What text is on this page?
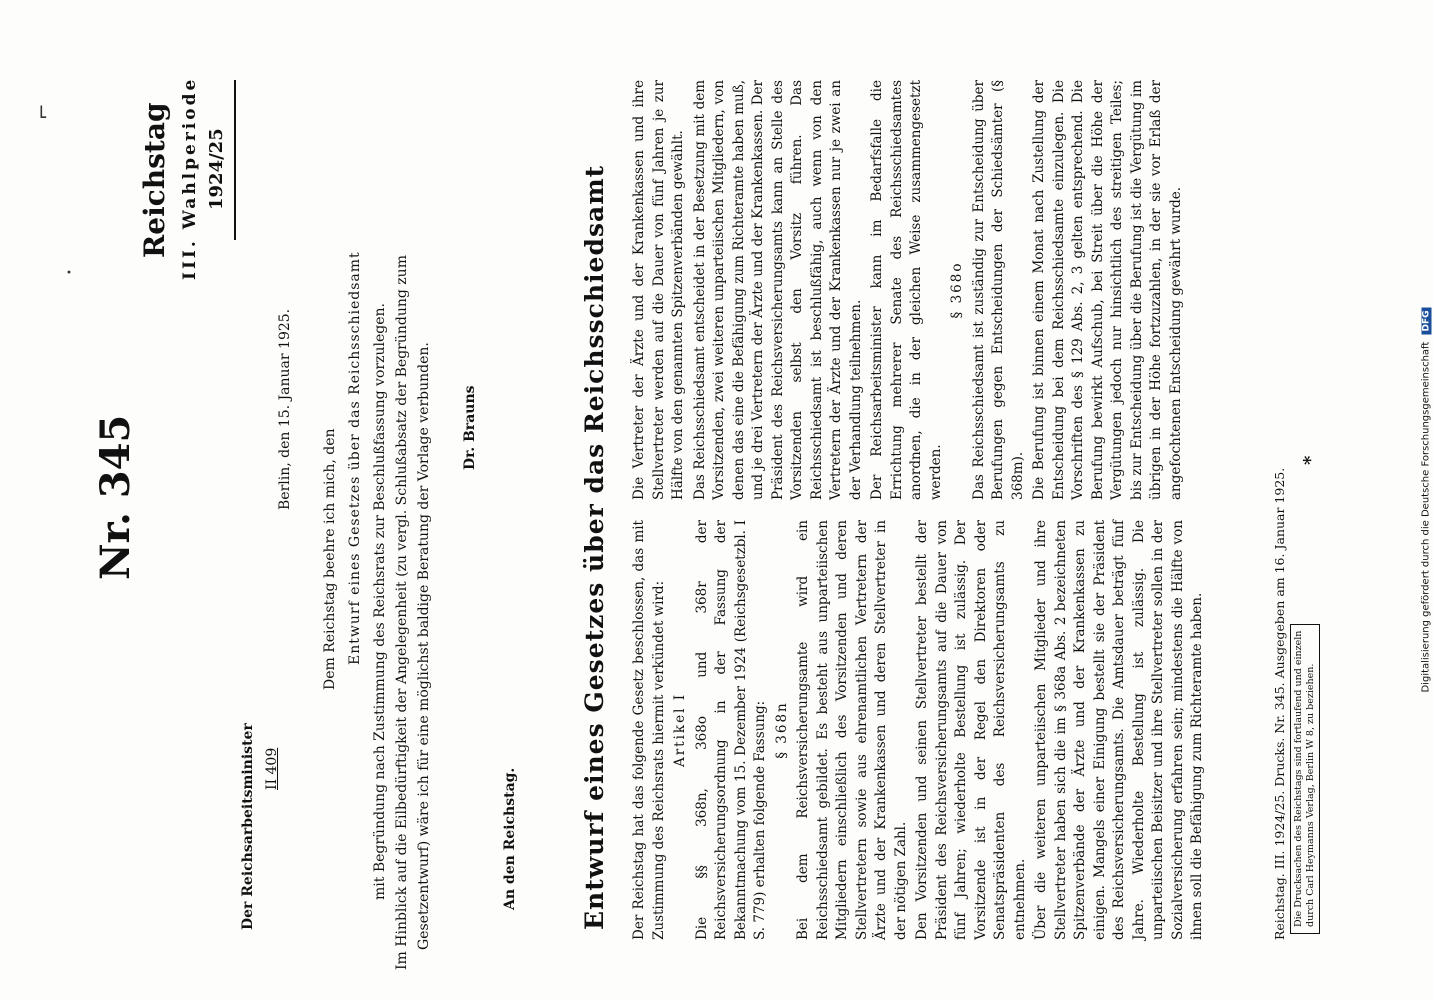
Digitalisierung gefördert durch die Deutsche Forschungsgemeinschaft DFG
Reichstag III. Wahlperiode 1924/25
Nr. 345
Der Reichsarbeitsminister II 409
Berlin, den 15. Januar 1925.
Dem Reichstag beehre ich mich, den Entwurf eines Gesetzes über das Reichsschiedsamt mit Begründung nach Zustimmung des Reichsrats zur Beschlußfassung vorzulegen. Im Hinblick auf die Eilbedürftigkeit der Angelegenheit (zu vergl. Schlußabsatz der Begründung zum Gesetzentwurf) wäre ich für eine möglichst baldige Beratung der Vorlage verbunden. Dr. Brauns
An den Reichstag. Entwurf eines Gesetzes über das Reichsschiedsamt Der Reichstag hat das folgende Gesetz beschlossen, das mit Zustimmung des Reichsrats hiermit verkündet wird: Artikel I Die §§ 368n, 368o und 368r der Reichsversicherungsordnung in der Fassung der Bekanntmachung vom 15. Dezember 1924 (Reichsgesetzbl. I S. 779) erhalten folgende Fassung: § 368n Bei dem Reichsversicherungsamte wird ein Reichsschiedsamt gebildet. Es besteht aus unparteiischen Mitgliedern einschließlich des Vorsitzenden und deren Stellvertretern sowie aus ehrenamtlichen Vertretern der Ärzte und der Krankenkassen und deren Stellvertreter in der nötigen Zahl. Den Vorsitzenden und seinen Stellvertreter bestellt der Präsident des Reichsversicherungsamts auf die Dauer von fünf Jahren; wiederholte Bestellung ist zulässig. Der Vorsitzende ist in der Regel den Direktoren oder Senatspräsidenten des Reichsversicherungsamts zu entnehmen. Über die weiteren unparteiischen Mitglieder und ihre Stellvertreter haben sich die im § 368a Abs. 2 bezeichneten Spitzenverbände der Ärzte und der Krankenkassen zu einigen. Mangels einer Einigung bestellt sie der Präsident des Reichsversicherungsamts. Die Amtsdauer beträgt fünf Jahre. Wiederholte Bestellung ist zulässig. Die unparteiischen Beisitzer und ihre Stellvertreter sollen in der Sozialversicherung erfahren sein; mindestens die Hälfte von ihnen soll die Befähigung zum Richteramte haben.

Die Vertreter der Ärzte und der Krankenkassen und ihre Stellvertreter werden auf die Dauer von fünf Jahren je zur Hälfte von den genannten Spitzenverbänden gewählt. Das Reichsschiedsamt entscheidet in der Besetzung mit dem Vorsitzenden, zwei weiteren unparteiischen Mitgliedern, von denen das eine die Befähigung zum Richteramte haben muß, und je drei Vertretern der Ärzte und der Krankenkassen. Der Präsident des Reichsversicherungsamts kann an Stelle des Vorsitzenden selbst den Vorsitz führen. Das Reichsschiedsamt ist beschlußfähig, auch wenn von den Vertretern der Ärzte und der Krankenkassen nur je zwei an der Verhandlung teilnehmen. Der Reichsarbeitsminister kann im Bedarfsfalle die Errichtung mehrerer Senate des Reichsschiedsamtes anordnen, die in der gleichen Weise zusammengesetzt werden.

§ 368o Das Reichsschiedsamt ist zuständig zur Entscheidung über Berufungen gegen Entscheidungen der Schiedsämter (§ 368m). Die Berufung ist binnen einem Monat nach Zustellung der Entscheidung bei dem Reichsschiedsamte einzulegen. Die Vorschriften des § 129 Abs. 2, 3 gelten entsprechend. Die Berufung bewirkt Aufschub, bei Streit über die Höhe der Vergütungen jedoch nur hinsichtlich des streitigen Teiles; bis zur Entscheidung über die Berufung ist die Vergütung im übrigen in der Höhe fortzuzahlen, in der sie vor Erlaß der angefochtenen Entscheidung gewährt wurde.

Reichstag. III. 1924/25. Drucks. Nr. 345. Ausgegeben am 16. Januar 1925.
*
Die Drucksachen des Reichstags sind fortlaufend und einzeln durch Carl Heymanns Verlag, Berlin W 8, zu beziehen.
⌐
•
